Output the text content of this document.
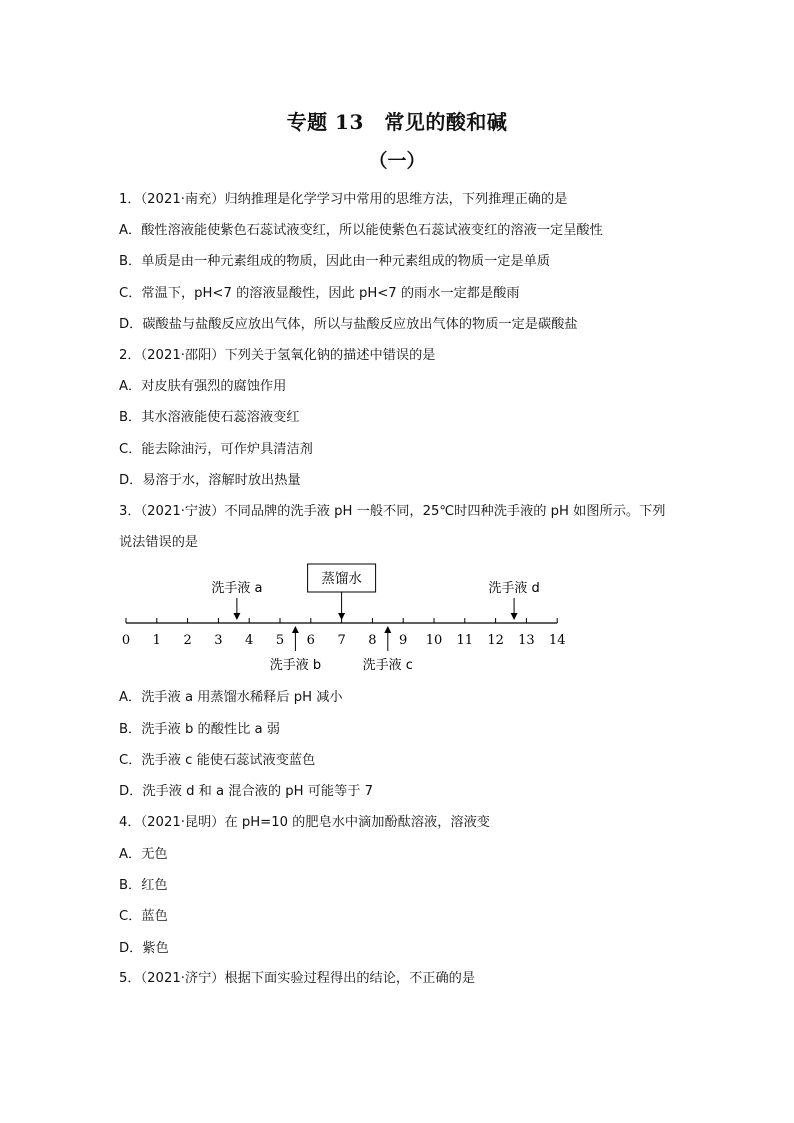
专题 13　常见的酸和碱
（一）
1．（2021·南充）归纳推理是化学学习中常用的思维方法，下列推理正确的是
A．酸性溶液能使紫色石蕊试液变红，所以能使紫色石蕊试液变红的溶液一定呈酸性
B．单质是由一种元素组成的物质，因此由一种元素组成的物质一定是单质
C．常温下，pH<7 的溶液显酸性，因此 pH<7 的雨水一定都是酸雨
D．碳酸盐与盐酸反应放出气体，所以与盐酸反应放出气体的物质一定是碳酸盐
2．（2021·邵阳）下列关于氢氧化钠的描述中错误的是
A．对皮肤有强烈的腐蚀作用
B．其水溶液能使石蕊溶液变红
C．能去除油污，可作炉具清洁剂
D．易溶于水，溶解时放出热量
3．（2021·宁波）不同品牌的洗手液 pH 一般不同，25℃时四种洗手液的 pH 如图所示。下列
说法错误的是
0 1 2 3 4 5 6 7 8 9 10 11 12 13 14
蒸馏水
洗手液 a	洗手液 d
洗手液 b	洗手液 c
A．洗手液 a 用蒸馏水稀释后 pH 减小
B．洗手液 b 的酸性比 a 弱
C．洗手液 c 能使石蕊试液变蓝色
D．洗手液 d 和 a 混合液的 pH 可能等于 7
4．（2021·昆明）在 pH=10 的肥皂水中滴加酚酞溶液，溶液变
A．无色
B．红色
C．蓝色
D．紫色
5．（2021·济宁）根据下面实验过程得出的结论，不正确的是
